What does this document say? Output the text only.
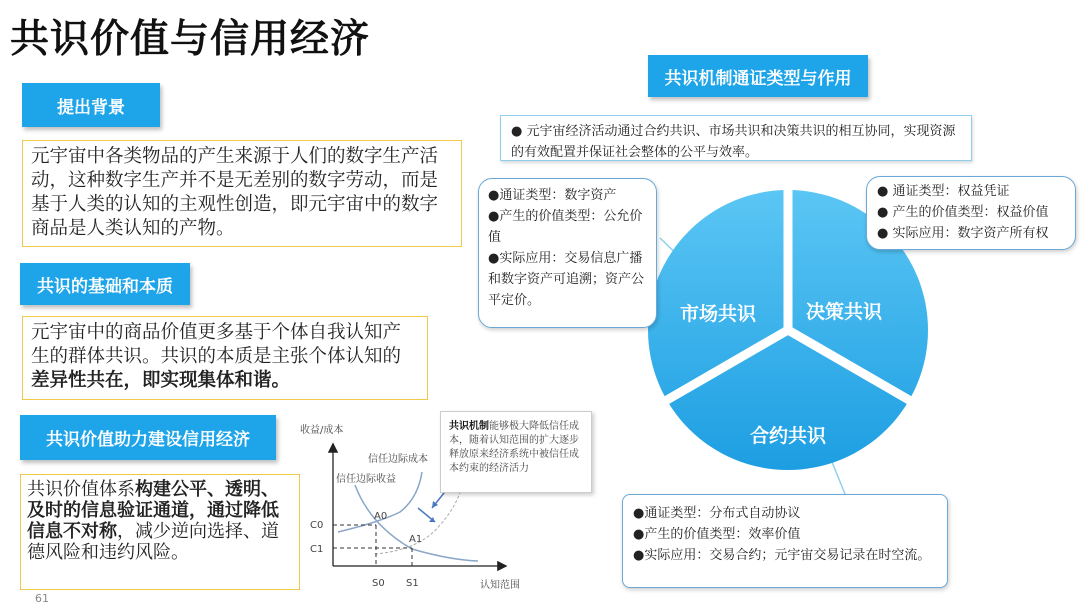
共识价值与信用经济
提出背景
元宇宙中各类物品的产生来源于人们的数字生产活动，这种数字生产并不是无差别的数字劳动，而是基于人类的认知的主观性创造，即元宇宙中的数字商品是人类认知的产物。
共识的基础和本质
元宇宙中的商品价值更多基于个体自我认知产生的群体共识。共识的本质是主张个体认知的差异性共在，即实现集体和谐。
共识价值助力建设信用经济
共识价值体系构建公平、透明、及时的信息验证通道，通过降低信息不对称，减少逆向选择、道德风险和违约风险。
61
收益/成本
认知范围
信任边际成本
信任边际收益
C0
C1
S0 S1
A0
A1
共识机制能够极大降低信任成本，随着认知范围的扩大逐步释放原来经济系统中被信任成本约束的经济活力
共识机制通证类型与作用
● 元宇宙经济活动通过合约共识、市场共识和决策共识的相互协同，实现资源的有效配置并保证社会整体的公平与效率。
市场共识	决策共识
合约共识
●通证类型：数字资产
●产生的价值类型：公允价值
●实际应用：交易信息广播和数字资产可追溯；资产公平定价。
● 通证类型：权益凭证
● 产生的价值类型：权益价值
● 实际应用：数字资产所有权
●通证类型：分布式自动协议
●产生的价值类型：效率价值
●实际应用：交易合约；元宇宙交易记录在时空流。
